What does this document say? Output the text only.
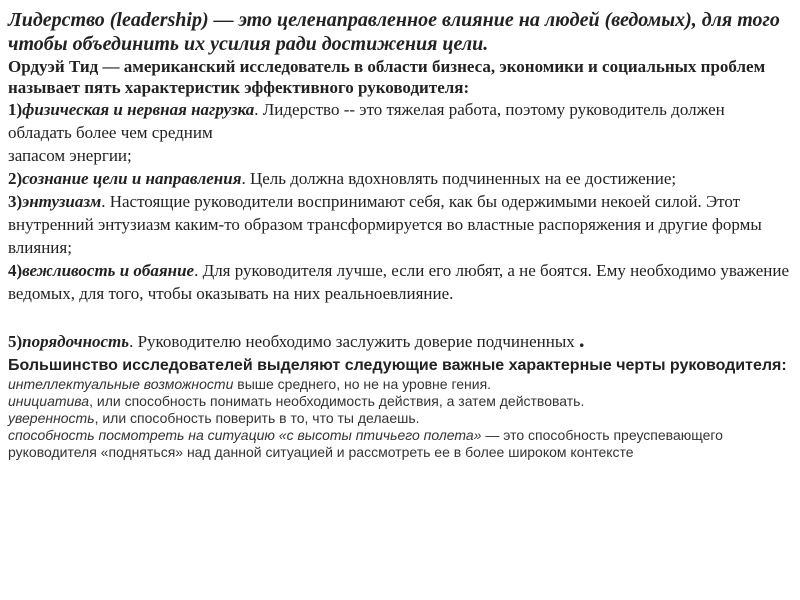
Лидерство (leadership) — это целенаправленное влияние на людей (ведомых), для того чтобы объединить их усилия ради достижения цели.

Ордуэй Тид — американский исследователь в области бизнеса, экономики и социальных проблем называет пять характеристик эффективного руководителя:

1)физическая и нервная нагрузка. Лидерство -- это тяжелая работа, поэтому руководитель должен обладать более чем средним
запасом энергии;

2)сознание цели и направления. Цель должна вдохновлять подчиненных на ее достижение;

3)энтузиазм. Настоящие руководители воспринимают себя, как бы одержимыми некоей силой. Этот внутренний энтузиазм каким-то образом трансформируется во властные распоряжения и другие формы влияния;

4)вежливость и обаяние. Для руководителя лучше, если его любят, а не боятся. Ему необходимо уважение ведомых, для того, чтобы оказывать на них реальноевлияние.

5)порядочность. Руководителю необходимо заслужить доверие подчиненных .

Большинство исследователей выделяют следующие важные характерные черты руководителя:

интеллектуальные возможности выше среднего, но не на уровне гения.

инициатива, или способность понимать необходимость действия, а затем действовать.

уверенность, или способность поверить в то, что ты делаешь.

способность посмотреть на ситуацию «с высоты птичьего полета» — это способность преуспевающего руководителя «подняться» над данной ситуацией и рассмотреть ее в более широком контексте
